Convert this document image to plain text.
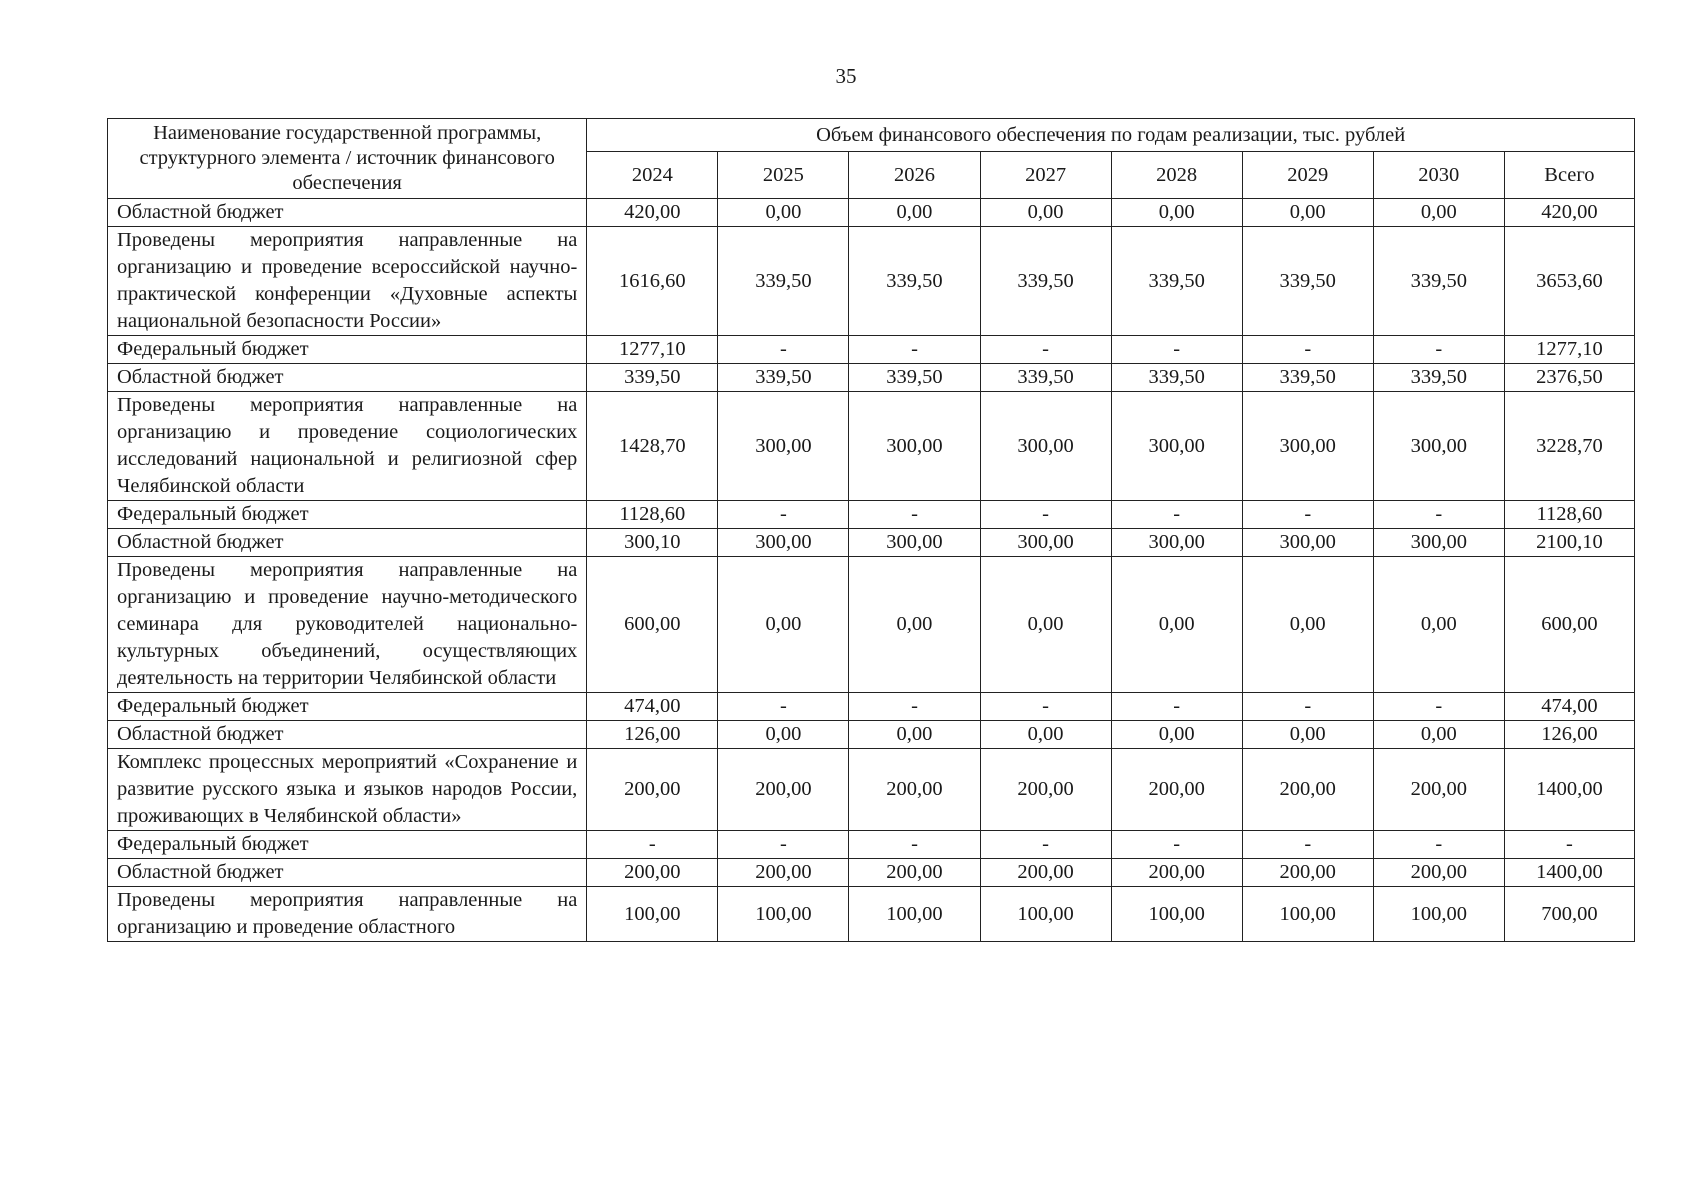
35
Наименование государственной программы, структурного элемента / источник финансового обеспечения	Объем финансового обеспечения по годам реализации, тыс. рублей							
	2024	2025	2026	2027	2028	2029	2030	Всего
Областной бюджет	420,00	0,00	0,00	0,00	0,00	0,00	0,00	420,00
Проведены мероприятия направленные на организацию и проведение всероссийской научно-практической конференции «Духовные аспекты национальной безопасности России»	1616,60	339,50	339,50	339,50	339,50	339,50	339,50	3653,60
Федеральный бюджет	1277,10	-	-	-	-	-	-	1277,10
Областной бюджет	339,50	339,50	339,50	339,50	339,50	339,50	339,50	2376,50
Проведены мероприятия направленные на организацию и проведение социологических исследований национальной и религиозной сфер Челябинской области	1428,70	300,00	300,00	300,00	300,00	300,00	300,00	3228,70
Федеральный бюджет	1128,60	-	-	-	-	-	-	1128,60
Областной бюджет	300,10	300,00	300,00	300,00	300,00	300,00	300,00	2100,10
Проведены мероприятия направленные на организацию и проведение научно-методического семинара для руководителей национально-культурных объединений, осуществляющих деятельность на территории Челябинской области	600,00	0,00	0,00	0,00	0,00	0,00	0,00	600,00
Федеральный бюджет	474,00	-	-	-	-	-	-	474,00
Областной бюджет	126,00	0,00	0,00	0,00	0,00	0,00	0,00	126,00
Комплекс процессных мероприятий «Сохранение и развитие русского языка и языков народов России, проживающих в Челябинской области»	200,00	200,00	200,00	200,00	200,00	200,00	200,00	1400,00
Федеральный бюджет	-	-	-	-	-	-	-	-
Областной бюджет	200,00	200,00	200,00	200,00	200,00	200,00	200,00	1400,00
Проведены мероприятия направленные на организацию и проведение областного	100,00	100,00	100,00	100,00	100,00	100,00	100,00	700,00
